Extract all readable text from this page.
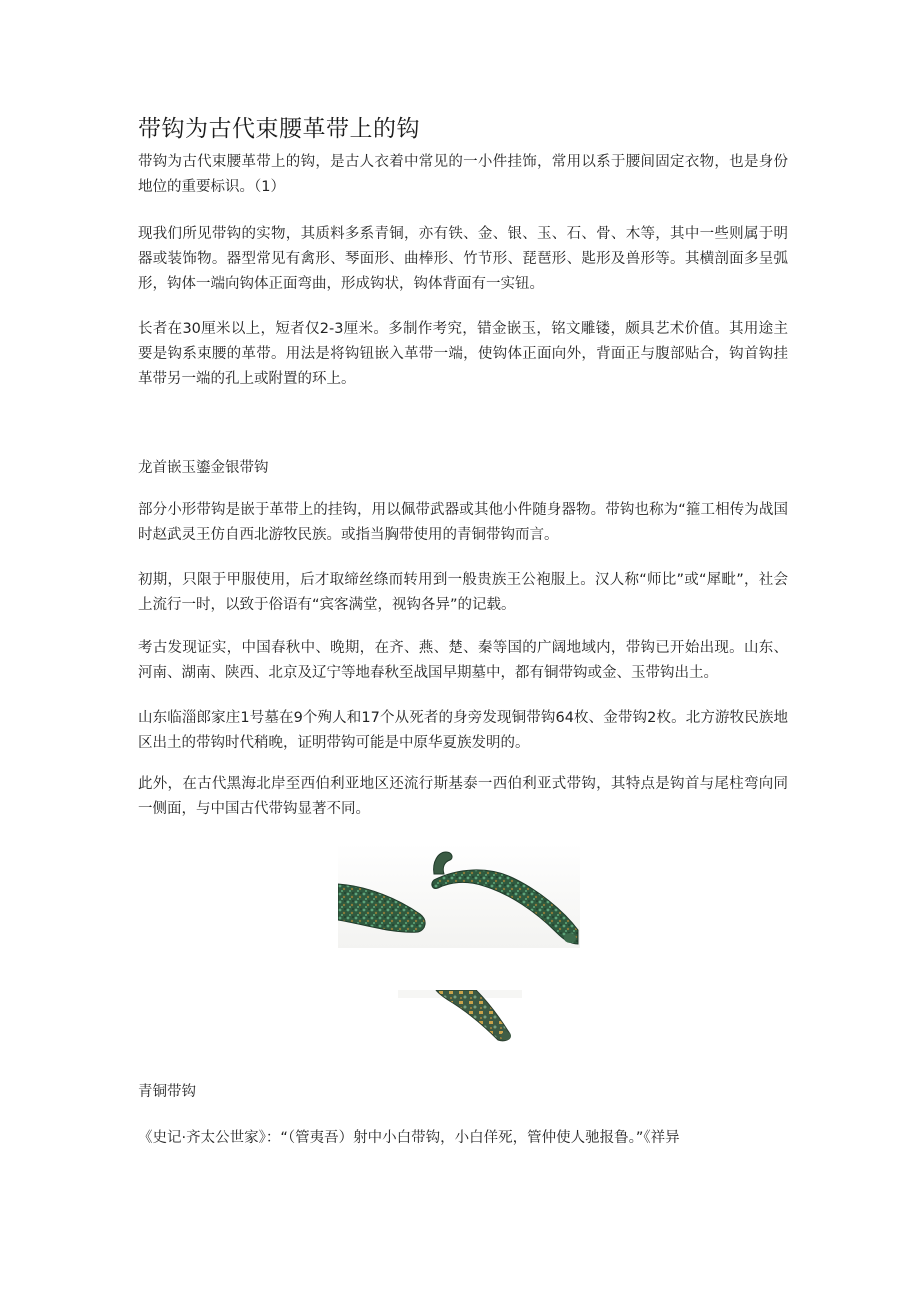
带钩为古代束腰革带上的钩
带钩为古代束腰革带上的钩，是古人衣着中常见的一小件挂饰，常用以系于腰间固定衣物，也是身份地位的重要标识。（1）
现我们所见带钩的实物，其质料多系青铜，亦有铁、金、银、玉、石、骨、木等，其中一些则属于明器或装饰物。器型常见有禽形、琴面形、曲棒形、竹节形、琵琶形、匙形及兽形等。其横剖面多呈弧形，钩体一端向钩体正面弯曲，形成钩状，钩体背面有一实钮。
长者在30厘米以上，短者仅2-3厘米。多制作考究，错金嵌玉，铭文雕镂，颇具艺术价值。其用途主要是钩系束腰的革带。用法是将钩钮嵌入革带一端，使钩体正面向外，背面正与腹部贴合，钩首钩挂革带另一端的孔上或附置的环上。
龙首嵌玉鎏金银带钩
部分小形带钩是嵌于革带上的挂钩，用以佩带武器或其他小件随身器物。带钩也称为“箍工相传为战国时赵武灵王仿自西北游牧民族。或指当胸带使用的青铜带钩而言。
初期，只限于甲服使用，后才取缔丝绦而转用到一般贵族王公袍服上。汉人称“师比”或“犀毗”，社会上流行一时，以致于俗语有“宾客满堂，视钩各异”的记载。
考古发现证实，中国春秋中、晚期，在齐、燕、楚、秦等国的广阔地域内，带钩已开始出现。山东、河南、湖南、陕西、北京及辽宁等地春秋至战国早期墓中，都有铜带钩或金、玉带钩出土。
山东临淄郎家庄1号墓在9个殉人和17个从死者的身旁发现铜带钩64枚、金带钩2枚。北方游牧民族地区出土的带钩时代稍晚，证明带钩可能是中原华夏族发明的。
此外，在古代黑海北岸至西伯利亚地区还流行斯基泰一西伯利亚式带钩，其特点是钩首与尾柱弯向同一侧面，与中国古代带钩显著不同。
青铜带钩
《史记·齐太公世家》：“（管夷吾）射中小白带钩，小白佯死，管仲使人驰报鲁。”《祥异
